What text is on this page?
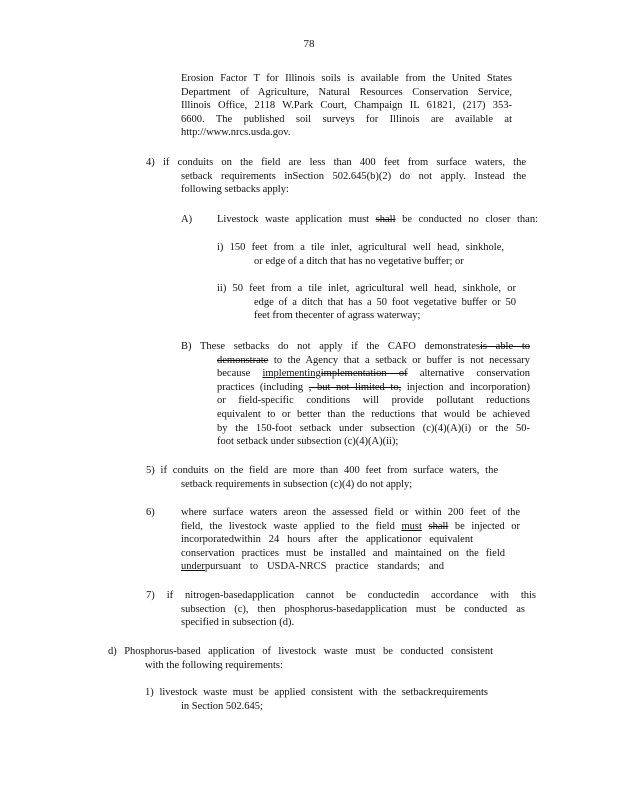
78

Erosion Factor T for Illinois soils is available from the United States

Department of Agriculture, Natural Resources Conservation Service,

Illinois Office, 2118 W.Park Court, Champaign IL 61821, (217) 353-

6600. The published soil surveys for Illinois are available at

http://www.nrcs.usda.gov.

4) if conduits on the field are less than 400 feet from surface waters, the

setback requirements inSection 502.645(b)(2) do not apply. Instead the

following setbacks apply:

A) Livestock waste application must shall be conducted no closer than:

i) 150 feet from a tile inlet, agricultural well head, sinkhole,

or edge of a ditch that has no vegetative buffer; or

ii) 50 feet from a tile inlet, agricultural well head, sinkhole, or

edge of a ditch that has a 50 foot vegetative buffer or 50

feet from thecenter of agrass waterway;

B) These setbacks do not apply if the CAFO demonstratesis able to

demonstrate to the Agency that a setback or buffer is not necessary

because implementingimplementation of alternative conservation

practices (including , but not limited to, injection and incorporation)

or field-specific conditions will provide pollutant reductions

equivalent to or better than the reductions that would be achieved

by the 150-foot setback under subsection (c)(4)(A)(i) or the 50-

foot setback under subsection (c)(4)(A)(ii);

5) if conduits on the field are more than 400 feet from surface waters, the

setback requirements in subsection (c)(4) do not apply;

6)	where surface waters areon the assessed field or within 200 feet of the

field, the livestock waste applied to the field must shall be injected or

incorporatedwithin 24 hours after the applicationor equivalent

conservation practices must be installed and maintained on the field

underpursuant to USDA-NRCS practice standards; and

7) if nitrogen-basedapplication cannot be conductedin accordance with this

subsection (c), then phosphorus-basedapplication must be conducted as

specified in subsection (d).

d) Phosphorus-based application of livestock waste must be conducted consistent

with the following requirements:

1) livestock waste must be applied consistent with the setbackrequirements

in Section 502.645;
